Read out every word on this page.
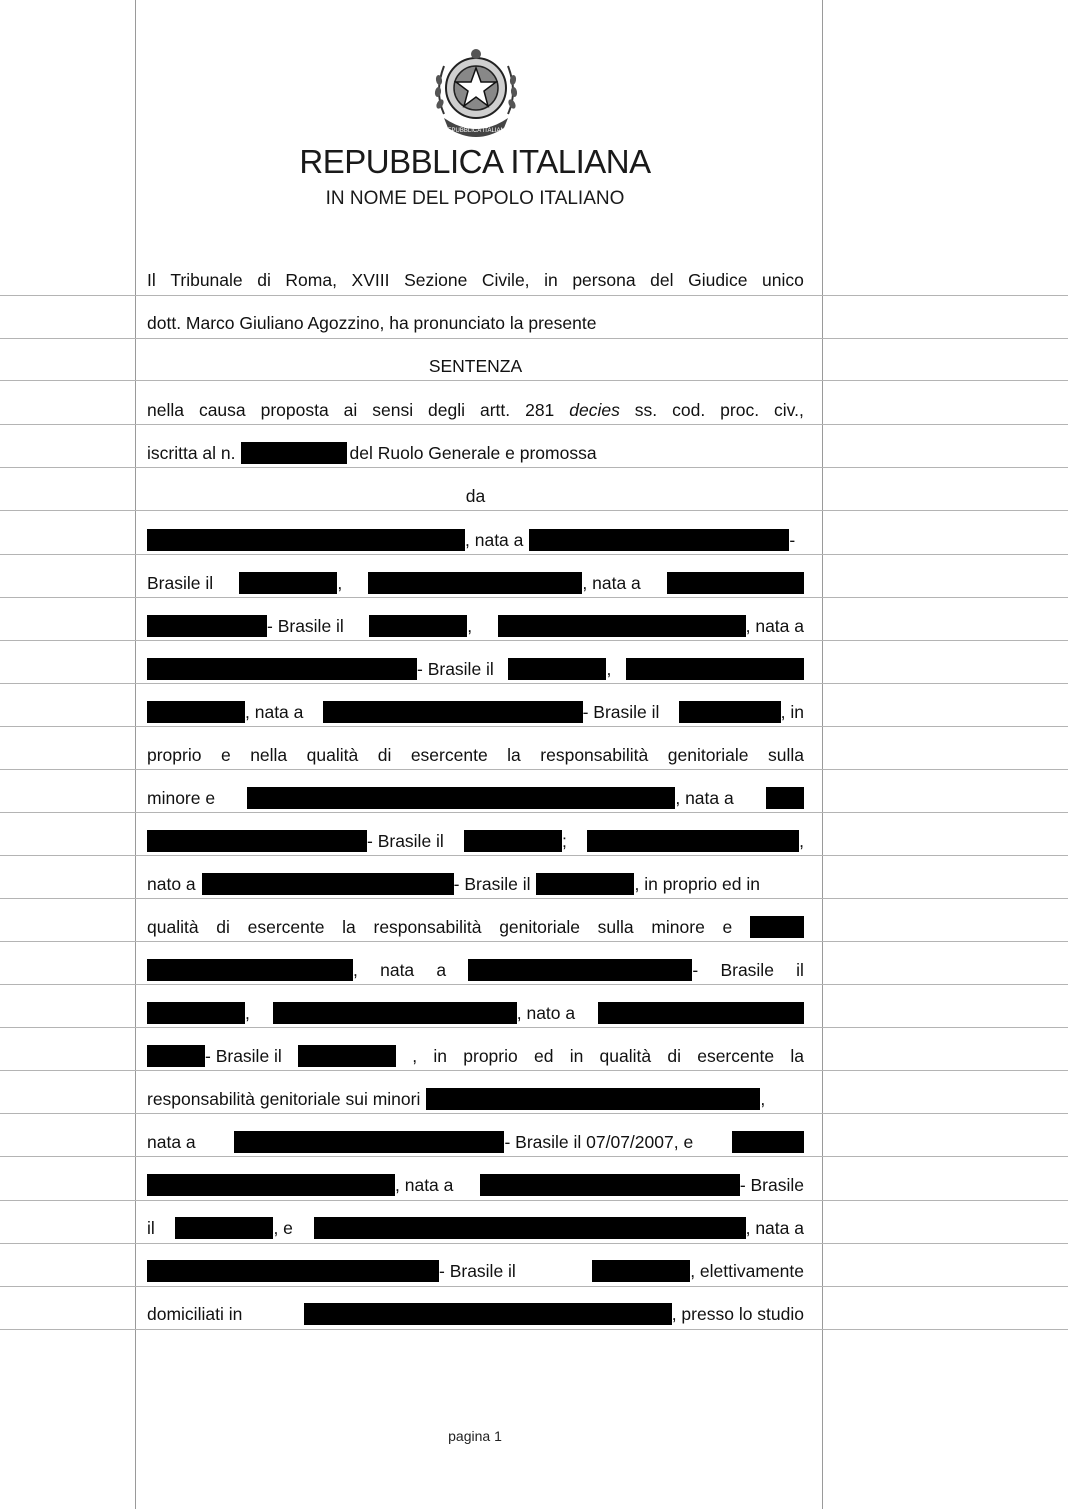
REPUBBLICA ITALIANA
REPUBBLICA ITALIANA
IN NOME DEL POPOLO ITALIANO
Il Tribunale di Roma, XVIII Sezione Civile, in persona del Giudice unico
dott. Marco Giuliano Agozzino, ha pronunciato la presente
SENTENZA
nella causa proposta ai sensi degli artt. 281 decies ss. cod. proc. civ.,
iscritta al n.	del Ruolo Generale e promossa
da
, nata a	-
Brasile il	,	, nata a
- Brasile il	,	, nata a
- Brasile il	,
, nata a	- Brasile il	, in
proprio e nella qualità di esercente la responsabilità genitoriale sulla
minore e	, nata a
- Brasile il	;	,
nato a	- Brasile il	, in proprio ed in
qualità di esercente la responsabilità genitoriale sulla minore e
, nata a	- Brasile il
,	, nato a
- Brasile il	, in proprio ed in qualità di esercente la
responsabilità genitoriale sui minori	,
nata a	- Brasile il 07/07/2007, e
, nata a	- Brasile
il	, e	, nata a
- Brasile il	, elettivamente
domiciliati in	, presso lo studio
pagina 1
